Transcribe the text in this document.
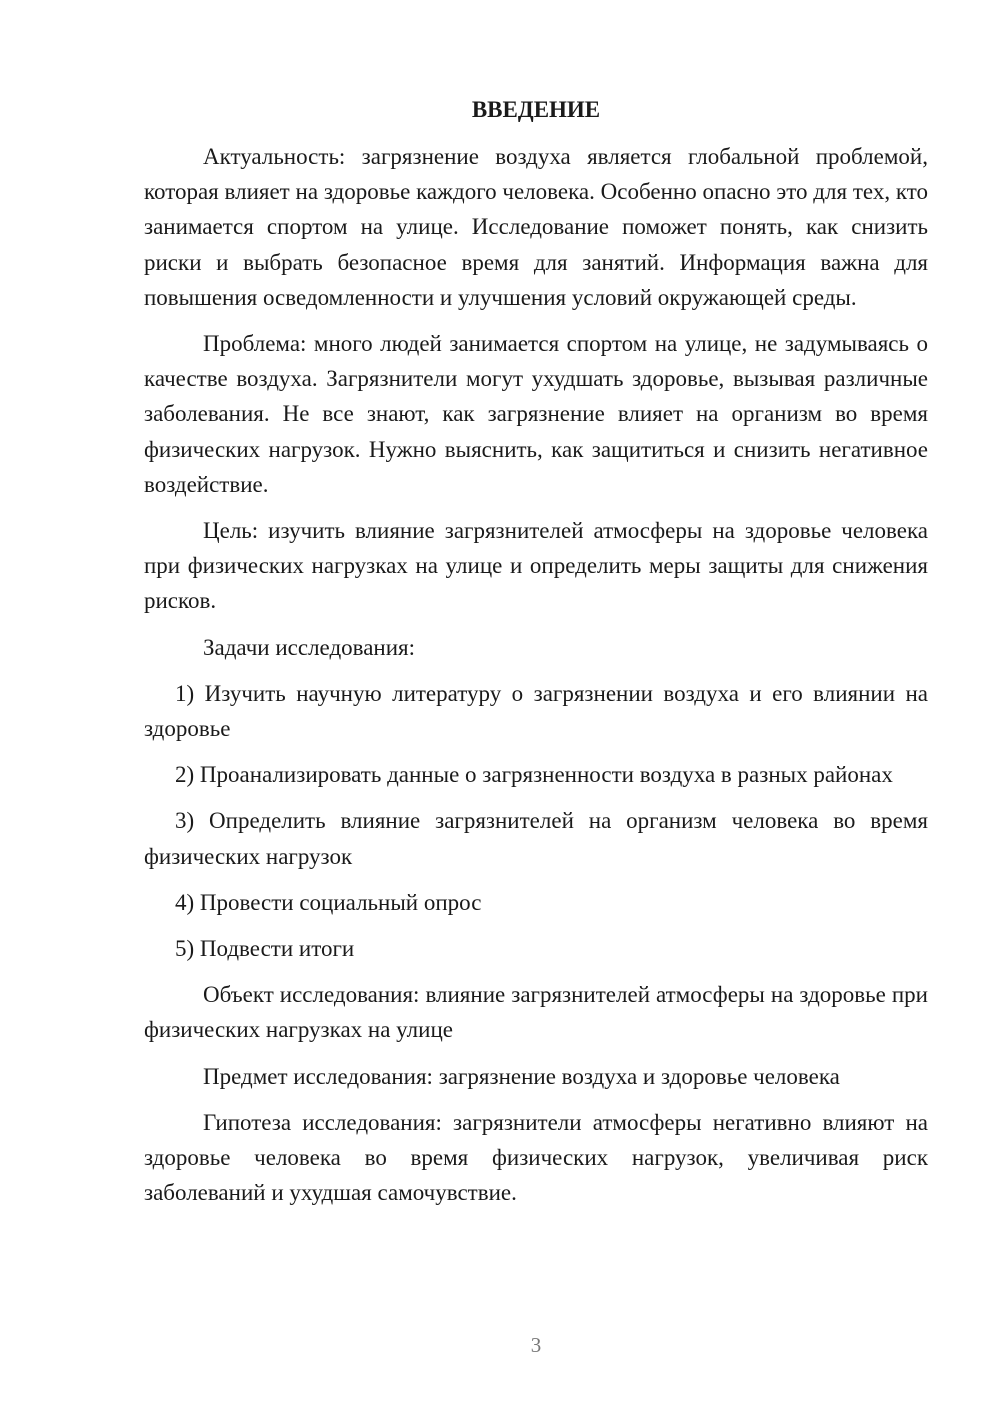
ВВЕДЕНИЕ

Актуальность: загрязнение воздуха является глобальной проблемой, которая влияет на здоровье каждого человека. Особенно опасно это для тех, кто занимается спортом на улице. Исследование поможет понять, как снизить риски и выбрать безопасное время для занятий. Информация важна для повышения осведомленности и улучшения условий окружающей среды.

Проблема: много людей занимается спортом на улице, не задумываясь о качестве воздуха. Загрязнители могут ухудшать здоровье, вызывая различные заболевания. Не все знают, как загрязнение влияет на организм во время физических нагрузок. Нужно выяснить, как защититься и снизить негативное воздействие.

Цель: изучить влияние загрязнителей атмосферы на здоровье человека при физических нагрузках на улице и определить меры защиты для снижения рисков.

Задачи исследования:

1) Изучить научную литературу о загрязнении воздуха и его влиянии на здоровье

2) Проанализировать данные о загрязненности воздуха в разных районах

3) Определить влияние загрязнителей на организм человека во время физических нагрузок

4) Провести социальный опрос

5) Подвести итоги

Объект исследования: влияние загрязнителей атмосферы на здоровье при физических нагрузках на улице

Предмет исследования: загрязнение воздуха и здоровье человека

Гипотеза исследования: загрязнители атмосферы негативно влияют на здоровье человека во время физических нагрузок, увеличивая риск заболеваний и ухудшая самочувствие.

3
